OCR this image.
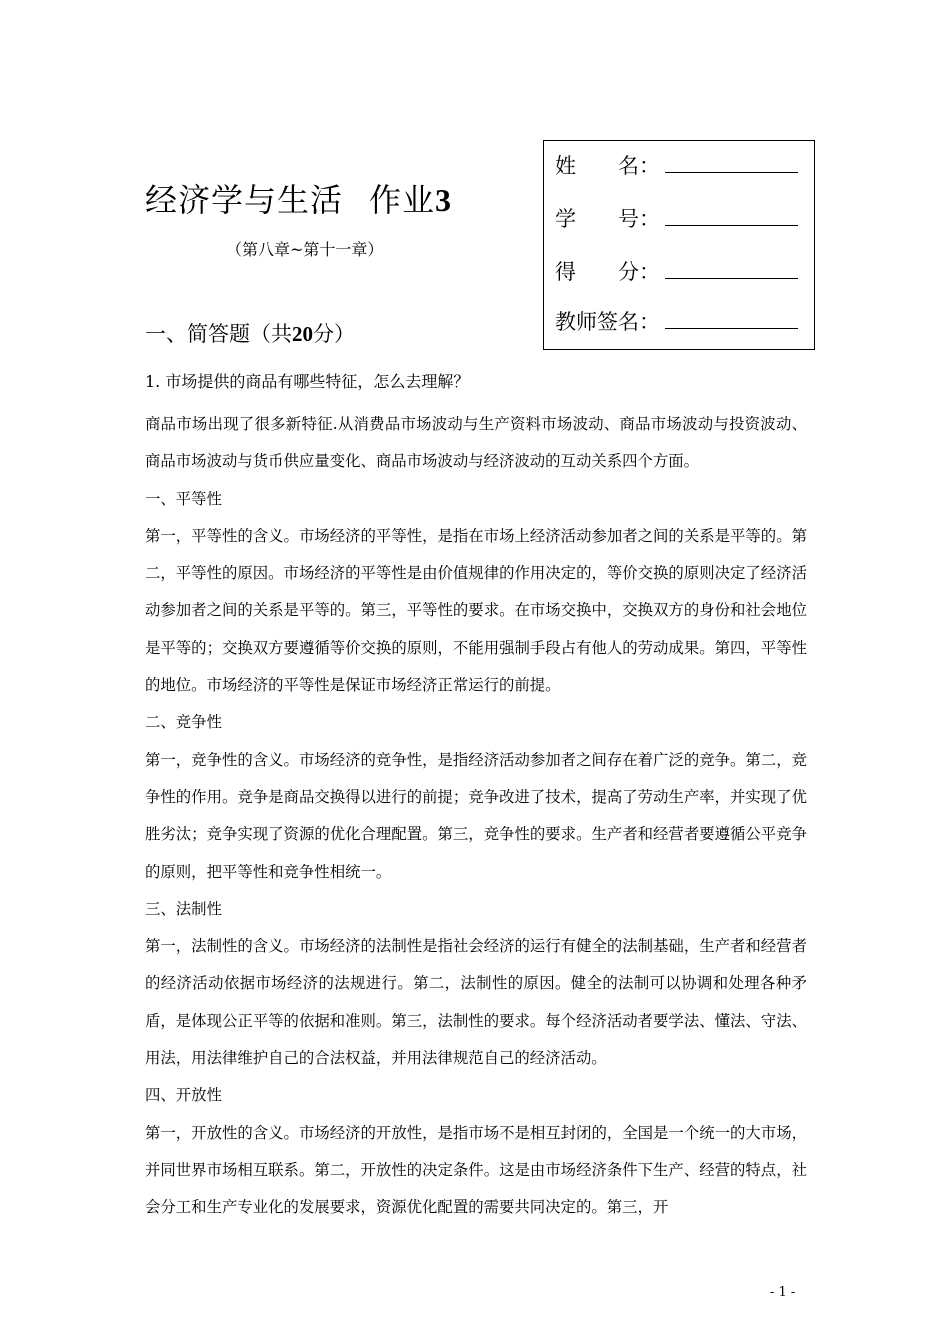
经济学与生活 作业3
（第八章~第十一章）
姓　　名：
学　　号：
得　　分：
教师签名：
一、简答题（共20分）
1. 市场提供的商品有哪些特征，怎么去理解？

商品市场出现了很多新特征.从消费品市场波动与生产资料市场波动、商品市场波动与投资波动、商品市场波动与货币供应量变化、商品市场波动与经济波动的互动关系四个方面。

一、平等性

第一，平等性的含义。市场经济的平等性，是指在市场上经济活动参加者之间的关系是平等的。第二，平等性的原因。市场经济的平等性是由价值规律的作用决定的，等价交换的原则决定了经济活动参加者之间的关系是平等的。第三，平等性的要求。在市场交换中，交换双方的身份和社会地位是平等的；交换双方要遵循等价交换的原则，不能用强制手段占有他人的劳动成果。第四，平等性的地位。市场经济的平等性是保证市场经济正常运行的前提。

二、竞争性

第一，竞争性的含义。市场经济的竞争性，是指经济活动参加者之间存在着广泛的竞争。第二，竞争性的作用。竞争是商品交换得以进行的前提；竞争改进了技术，提高了劳动生产率，并实现了优胜劣汰；竞争实现了资源的优化合理配置。第三，竞争性的要求。生产者和经营者要遵循公平竞争的原则，把平等性和竞争性相统一。

三、法制性

第一，法制性的含义。市场经济的法制性是指社会经济的运行有健全的法制基础，生产者和经营者的经济活动依据市场经济的法规进行。第二，法制性的原因。健全的法制可以协调和处理各种矛盾，是体现公正平等的依据和准则。第三，法制性的要求。每个经济活动者要学法、懂法、守法、用法，用法律维护自己的合法权益，并用法律规范自己的经济活动。

四、开放性

第一，开放性的含义。市场经济的开放性，是指市场不是相互封闭的，全国是一个统一的大市场，并同世界市场相互联系。第二，开放性的决定条件。这是由市场经济条件下生产、经营的特点，社会分工和生产专业化的发展要求，资源优化配置的需要共同决定的。第三，开

- 1 -
